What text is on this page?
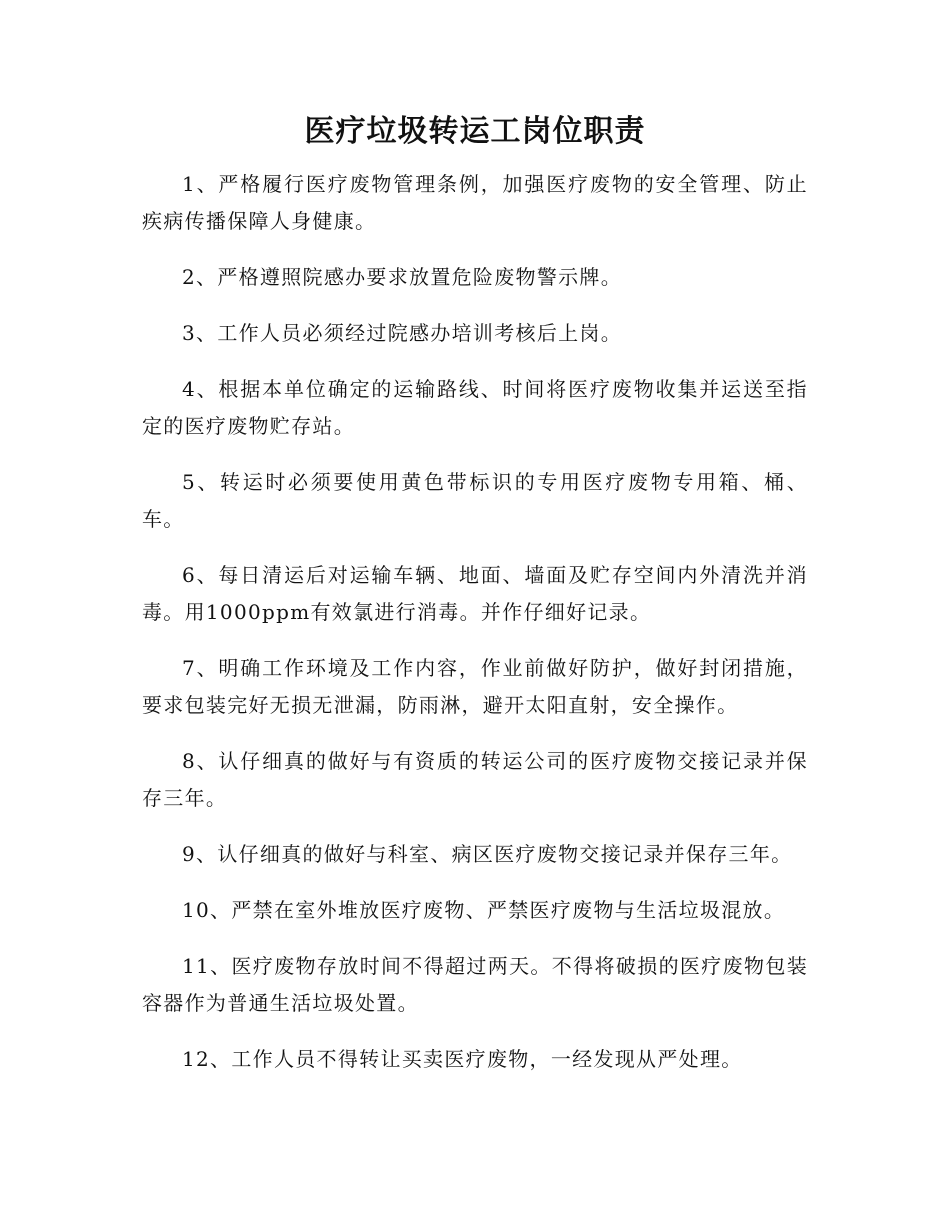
医疗垃圾转运工岗位职责

1、严格履行医疗废物管理条例，加强医疗废物的安全管理、防止疾病传播保障人身健康。

2、严格遵照院感办要求放置危险废物警示牌。

3、工作人员必须经过院感办培训考核后上岗。

4、根据本单位确定的运输路线、时间将医疗废物收集并运送至指定的医疗废物贮存站。

5、转运时必须要使用黄色带标识的专用医疗废物专用箱、桶、车。

6、每日清运后对运输车辆、地面、墙面及贮存空间内外清洗并消毒。用1000ppm有效氯进行消毒。并作仔细好记录。

7、明确工作环境及工作内容，作业前做好防护，做好封闭措施，要求包装完好无损无泄漏，防雨淋，避开太阳直射，安全操作。

8、认仔细真的做好与有资质的转运公司的医疗废物交接记录并保存三年。

9、认仔细真的做好与科室、病区医疗废物交接记录并保存三年。

10、严禁在室外堆放医疗废物、严禁医疗废物与生活垃圾混放。

11、医疗废物存放时间不得超过两天。不得将破损的医疗废物包装容器作为普通生活垃圾处置。

12、工作人员不得转让买卖医疗废物，一经发现从严处理。
